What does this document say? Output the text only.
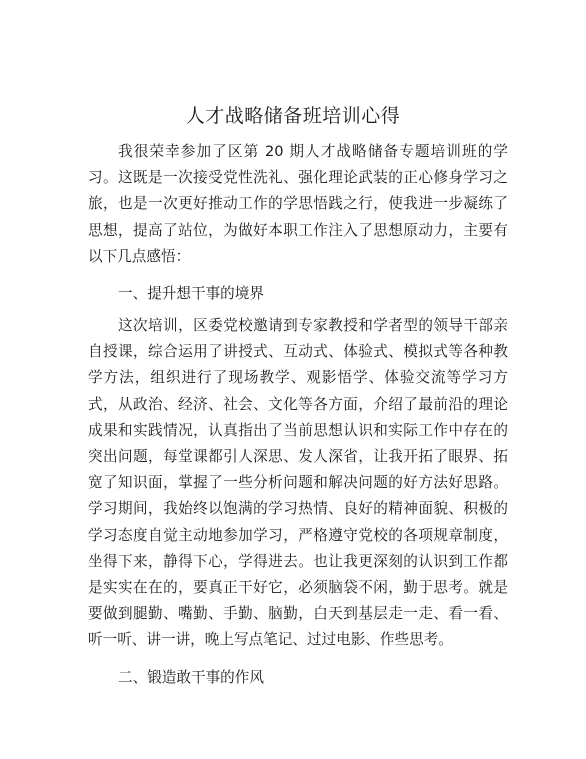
人才战略储备班培训心得

我很荣幸参加了区第 20 期人才战略储备专题培训班的学习。这既是一次接受党性洗礼、强化理论武装的正心修身学习之旅，也是一次更好推动工作的学思悟践之行，使我进一步凝练了思想，提高了站位，为做好本职工作注入了思想原动力，主要有以下几点感悟：

一、提升想干事的境界

这次培训，区委党校邀请到专家教授和学者型的领导干部亲自授课，综合运用了讲授式、互动式、体验式、模拟式等各种教学方法，组织进行了现场教学、观影悟学、体验交流等学习方式，从政治、经济、社会、文化等各方面，介绍了最前沿的理论成果和实践情况，认真指出了当前思想认识和实际工作中存在的突出问题，每堂课都引人深思、发人深省，让我开拓了眼界、拓宽了知识面，掌握了一些分析问题和解决问题的好方法好思路。学习期间，我始终以饱满的学习热情、良好的精神面貌、积极的学习态度自觉主动地参加学习，严格遵守党校的各项规章制度，坐得下来，静得下心，学得进去。也让我更深刻的认识到工作都是实实在在的，要真正干好它，必须脑袋不闲，勤于思考。就是要做到腿勤、嘴勤、手勤、脑勤，白天到基层走一走、看一看、听一听、讲一讲，晚上写点笔记、过过电影、作些思考。

二、锻造敢干事的作风
